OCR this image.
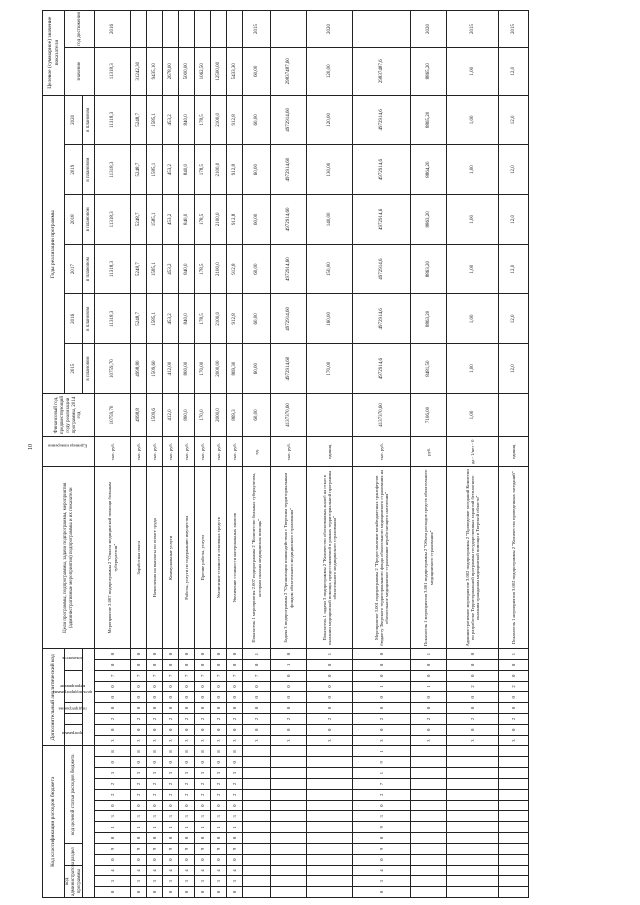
10
Код классификации расходов бюджета														Дополнительный аналитический код									Цели программы, подпрограммы, задачи подпрограммы, мероприятия (административные мероприятия) подпрограммы и их показатели	Единица измерения	Финансовый год, предшествующий году реализации программы, 2014 год	Годы реализации программы						Целевое (суммарное) значение показателя	
код администратора программы			раздел		код целевой статьи расходов бюджета									программа		подпрограмма	цель подпрограммы	мероприятие			показатель					2015	2016	2017	2018	2019	2020	значение	год достижения
																										в плановом	в плановом	в плановом	в плановом	в плановом	в плановом		
0	3	4	0	9	0	1	3	0	2	2	3	0	8	3	0	2	0	0	0	7	0	0	Мероприятие 2.007 подпрограммы 2 "Оплата медицинской помощи больным туберкулезом"	тыс. руб.	10759,70	10759,70	11318,3	11318,3	11318,3	11318,3	11318,3	11318,3	2016
0	3	4	0	9	0	1	3	0	2	2	3	0	8	3	0	2	0	0	0	7	0	0	Заработная плата	тыс. руб.	4998,8	4998,80	5248,7	5248,7	5248,7	5248,7	5248,7	31242,30	
0	3	4	0	9	0	1	3	0	2	2	3	0	8	3	0	2	0	0	0	7	0	0	Начисления на выплаты по оплате труда	тыс. руб.	1509,6	1509,60	1585,1	1585,1	1585,1	1585,1	1585,1	9435,10	
0	3	4	0	9	0	1	3	0	2	2	3	0	8	3	0	2	0	0	0	7	0	0	Коммунальные услуги	тыс. руб.	412,0	412,00	453,2	453,2	453,2	453,2	453,2	2678,00	
0	3	4	0	9	0	1	3	0	2	2	3	0	8	3	0	2	0	0	0	7	0	0	Работы, услуги по содержанию имущества	тыс. руб.	800,0	800,00	840,0	840,0	840,0	840,0	840,0	5000,00	
0	3	4	0	9	0	1	3	0	2	2	3	0	8	3	0	2	0	0	0	7	0	0	Прочие работы, услуги	тыс. руб.	170,0	170,00	178,5	178,5	178,5	178,5	178,5	1062,50	
0	3	4	0	9	0	1	3	0	2	2	3	0	8	3	0	2	0	0	0	7	0	0	Увеличение стоимости основных средств	тыс. руб.	2000,0	2000,00	2100,0	2100,0	2100,0	2100,0	2100,0	12500,00	
0	3	4	0	9	0	1	3	0	2	2	3	0	8	3	0	2	0	0	0	7	0	0	Увеличение стоимости материальных запасов	тыс. руб.	869,3	869,30	912,8	912,8	912,8	912,8	912,8	5433,30	
														3	0	2	0	0	0	7	0	1	Показатель 1 мероприятия 2.007 подпрограммы 2 "Количество больных туберкулезом, которым оказана медицинская помощь"	ед.	60,00	60,00	60,00	60,00	60,00	60,00	60,00	60,00	2015
														3	0	2	0	0	0	0	1	0	Задача 3 подпрограммы 2 "Организация взаимодействия с Тверским территориальным фондом обязательного медицинского страхования"	тыс. руб.	4137370,60	4972914,60	4972914,60	4972914,60	4972914,60	4972914,60	4972914,60	29837487,60	
														3	0	2	0	0	0	0	0	1	Показатель 1 задачи 3 подпрограммы 2 "Количество обоснованных жалоб на отказ в оказании медицинской помощи, предоставляемой в рамках территориальной программы обязательного медицинского страхования"	единиц		170,00	160,00	150,00	140,00	130,00	120,00	120,00	2020
0	3	4	0	9	0	9	3	0	2	7	1	9	1	3	0	2	0	0	1	0	0	0	Мероприятие 3.001 подпрограммы 2 "Предоставление межбюджетных трансфертов бюджету Тверского территориального фонда обязательного медицинского страхования на обязательное медицинское страхование неработающего населения"	тыс. руб.	4137370,60	4972914,6	4972914,6	4972914,6	4972914,6	4972914,6	4972914,6	29837487,6	
														3	0	2	0	0	1	0	0	1	Показатель 1 мероприятия 3.001 подпрограммы 2 "Объем расходов средств обязательного медицинского страхования"	руб.	7106,00	8481,50	8863,20	8863,20	8863,20	8864,20	8865,20	8865,20	2020
														3	0	2	0	0	2	0	0	0	Административное мероприятие 3.002 подпрограммы 2 "Проведение заседаний Комиссии по разработке Территориальной программы государственных гарантий бесплатного оказания гражданам медицинской помощи в Тверской области"	да - 1/нет - 0	1,00	1,00	1,00	1,00	1,00	1,00	1,00	1,00	2015
														3	0	2	0	0	2	0	0	1	Показатель 1 мероприятия 3.002 подпрограммы 2 "Количество проведенных заседаний"	единиц		12,0	12,0	12,0	12,0	12,0	12,0	12,0	2015
